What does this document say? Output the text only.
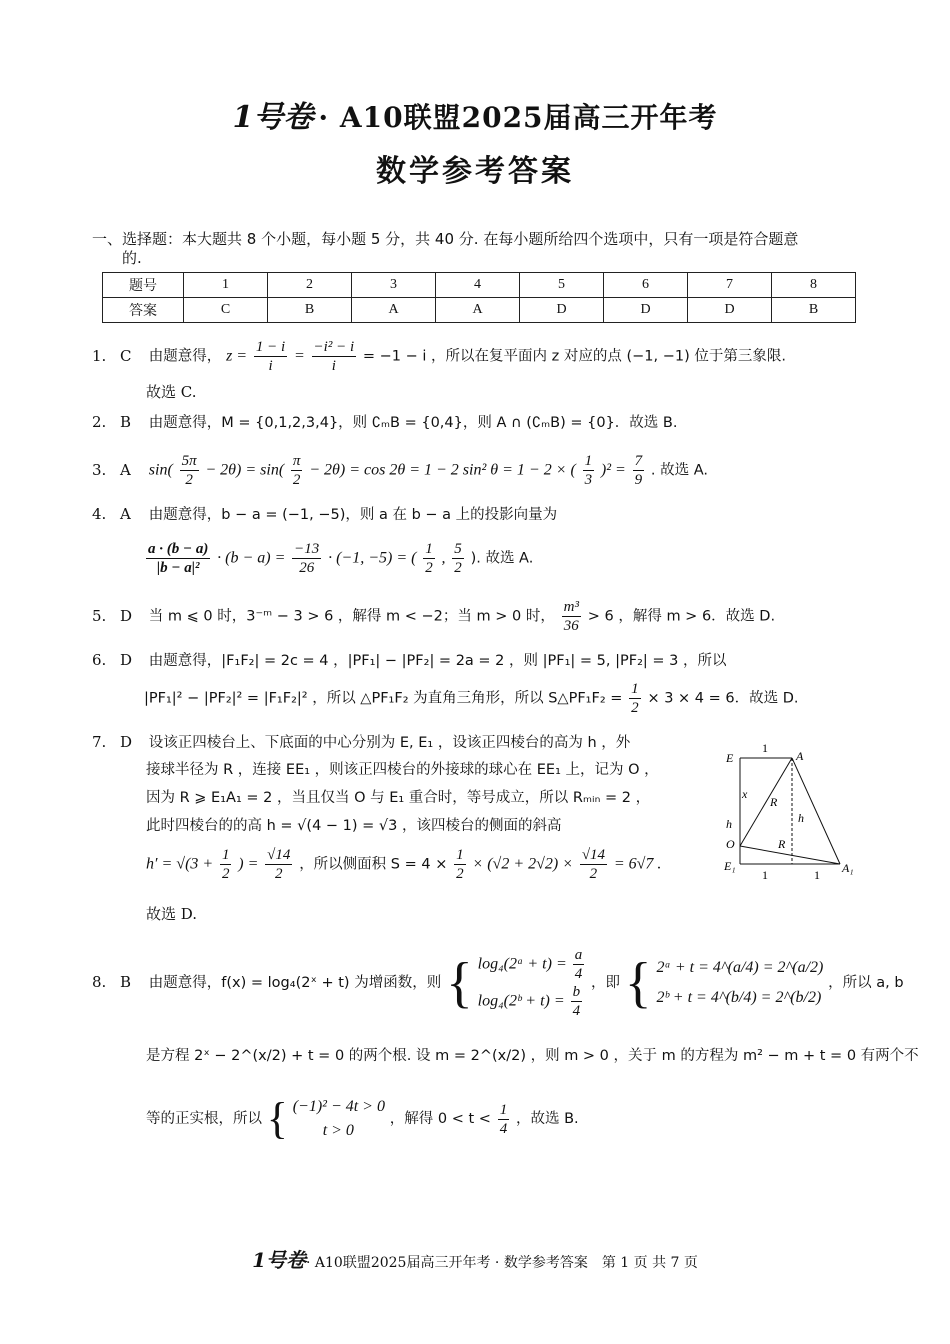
1号卷 · A10联盟2025届高三开年考
数学参考答案
一、选择题：本大题共 8 个小题，每小题 5 分，共 40 分. 在每小题所给四个选项中，只有一项是符合题意
的.
题号	1	2	3	4	5	6	7	8
答案	C	B	A	A	D	D	D	B
1. C 由题意得， $z = \frac{1 - i}{i} = \frac{\text{−i² − i}}{i} = -1 - i$ ，所以在复平面内 z 对应的点 (−1, −1) 位于第三象限.
故选 C.
2. B 由题意得，M = {0,1,2,3,4}，则 ∁ₘB = {0,4}，则 A ∩ (∁ₘB) = {0}．故选 B.
3. A $\sin( \frac{5\pi}{2} - 2\theta) = \sin( \frac{\pi}{2} - 2\theta) = \cos 2\theta = 1 - 2$ sin² θ = 1 − 2 × ( $\frac{1}{3} )^2 = \frac{7}{9}$ . 故选 A.
4. A 由题意得，b − a = (−1, −5)，则 a 在 b − a 上的投影向量为
$\frac{a \cdot (b - a)}{\text{|b − a|²}} \cdot (b - a) = \frac{-13}{26} \cdot (-1$, −5) = ( $\frac{1}{2}$ , $\frac{5}{2}$ ). 故选 A.
5. D 当 m ⩽ 0 时，3⁻ᵐ − 3 > 6 ，解得 m < −2；当 m > 0 时， $\frac{\text{m³}}{36} > 6$ ，解得 m > 6．故选 D.
6. D 由题意得，|F₁F₂| = 2c = 4 ，|PF₁| − |PF₂| = 2a = 2 ，则 |PF₁| = 5, |PF₂| = 3 ，所以
|PF₁|² − |PF₂|² = |F₁F₂|² ，所以 △PF₁F₂ 为直角三角形，所以 S△PF₁F₂ = $\frac{1}{2} \times 3 \times 4 = 6$．故选 D.
7. D 设该正四棱台上、下底面的中心分别为 E, E₁ ，设该正四棱台的高为 h ，外
接球半径为 R ，连接 EE₁ ，则该正四棱台的外接球的球心在 EE₁ 上，记为 O ，
因为 R ⩾ E₁A₁ = 2 ，当且仅当 O 与 E₁ 重合时，等号成立，所以 Rₘᵢₙ = 2 ，
此时四棱台的的高 h = √(4 − 1) = √3 ，该四棱台的侧面的斜高
$h' = √(3 + \frac{1}{2}$ ) = $\frac{√14}{2}$ ，所以侧面积 $S = 4 \times \frac{1}{2} \times (√2 + 2√2) \times \frac{√14}{2} = 6√7$ .
故选 D.
E	A
1
x
R
h
h
O	R
E₁	A₁
1	1
8. B 由题意得，f(x) = log₄(2ˣ + t) 为增函数，则 { log₄(2ᵃ + $t) = \frac{a}{4}$
log₄(2ᵇ + $t) = \frac{b}{4}$ ，即 { 2ᵃ + t = 4^(a/4) = 2^(a/2)
2ᵇ + t = 4^(b/4) = 2^(b/2)
，所以 a, b
是方程 2ˣ − 2^(x/2) + t = 0 的两个根. 设 m = 2^(x/2) ，则 m > 0 ，关于 m 的方程为 m² − m + t = 0 有两个不
等的正实根，所以 { (−1)² − 4t > 0
t > 0
，解得 $0 < t < \frac{1}{4}$ ，故选 B.
1号卷· A10联盟2025届高三开年考 · 数学参考答案　第 1 页 共 7 页
